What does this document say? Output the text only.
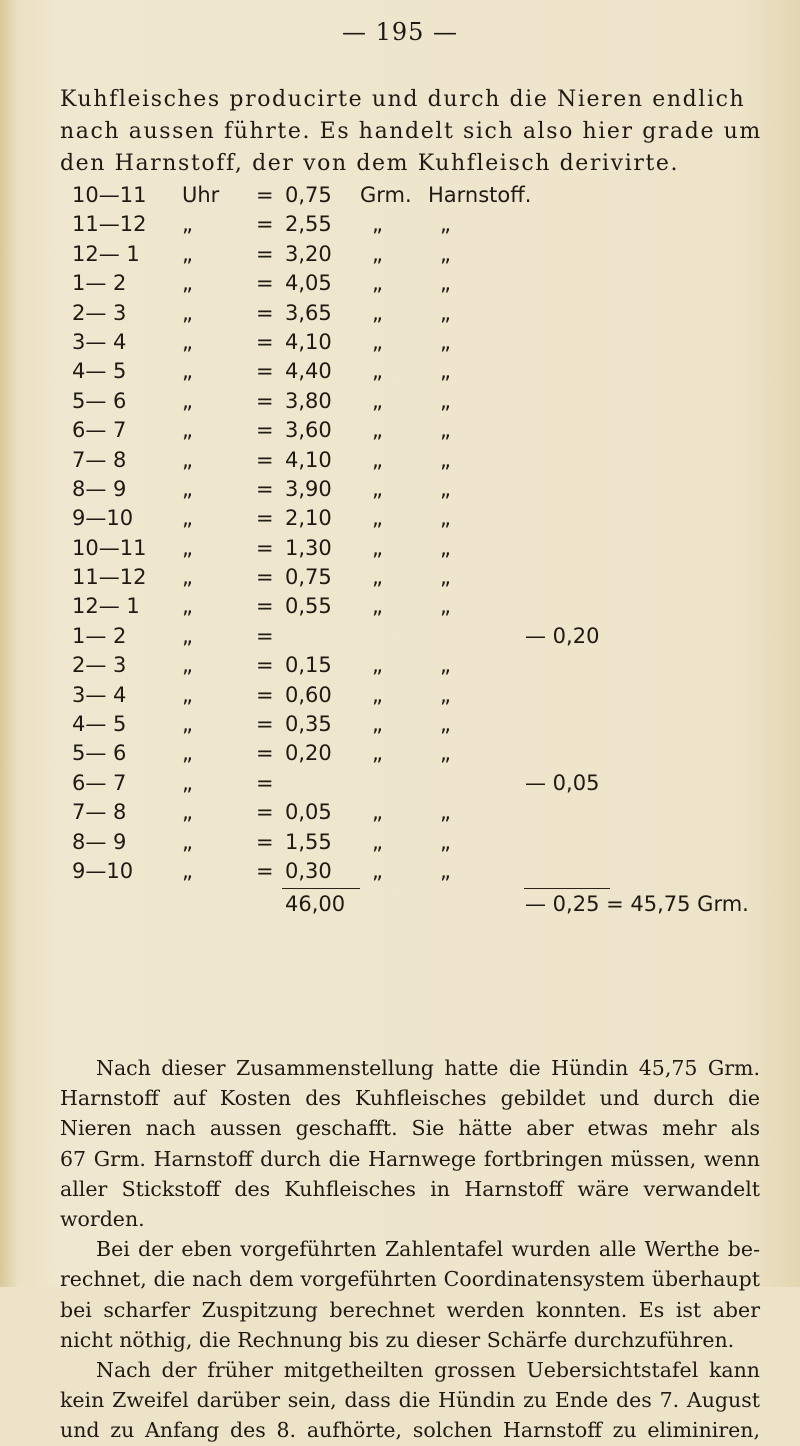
— 195 —
Kuhfleisches producirte und durch die Nieren endlich
nach aussen führte. Es handelt sich also hier grade um
den Harnstoff, der von dem Kuhfleisch derivirte.
10—11	Uhr = 0,75 Grm. Harnstoff.
11—12	„	= 2,55 „	„
12— 1	„	= 3,20 „	„
1— 2	„	= 4,05 „	„
2— 3	„	= 3,65 „	„
3— 4	„	= 4,10 „	„
4— 5	„	= 4,40 „	„
5— 6	„	= 3,80 „	„
6— 7	„	= 3,60 „	„
7— 8	„	= 4,10 „	„
8— 9	„	= 3,90 „	„
9—10	„	= 2,10 „	„
10—11	„	= 1,30 „	„
11—12	„	= 0,75 „	„
12— 1	„	= 0,55 „	„
1— 2	„	=	— 0,20
2— 3	„	= 0,15 „	„
3— 4	„	= 0,60 „	„
4— 5	„	= 0,35 „	„
5— 6	„	= 0,20 „	„
6— 7	„	=	— 0,05
7— 8	„	= 0,05 „	„
8— 9	„	= 1,55 „	„
9—10	„	= 0,30 „	„
46,00	— 0,25 = 45,75 Grm.
Nach dieser Zusammenstellung hatte die Hündin 45,75 Grm.
Harnstoff auf Kosten des Kuhfleisches gebildet und durch die
Nieren nach aussen geschafft. Sie hätte aber etwas mehr als
67 Grm. Harnstoff durch die Harnwege fortbringen müssen, wenn
aller Stickstoff des Kuhfleisches in Harnstoff wäre verwandelt worden.
Bei der eben vorgeführten Zahlentafel wurden alle Werthe be-
rechnet, die nach dem vorgeführten Coordinatensystem überhaupt
bei scharfer Zuspitzung berechnet werden konnten. Es ist aber
nicht nöthig, die Rechnung bis zu dieser Schärfe durchzuführen.
Nach der früher mitgetheilten grossen Uebersichtstafel kann
kein Zweifel darüber sein, dass die Hündin zu Ende des 7. August
und zu Anfang des 8. aufhörte, solchen Harnstoff zu eliminiren,
